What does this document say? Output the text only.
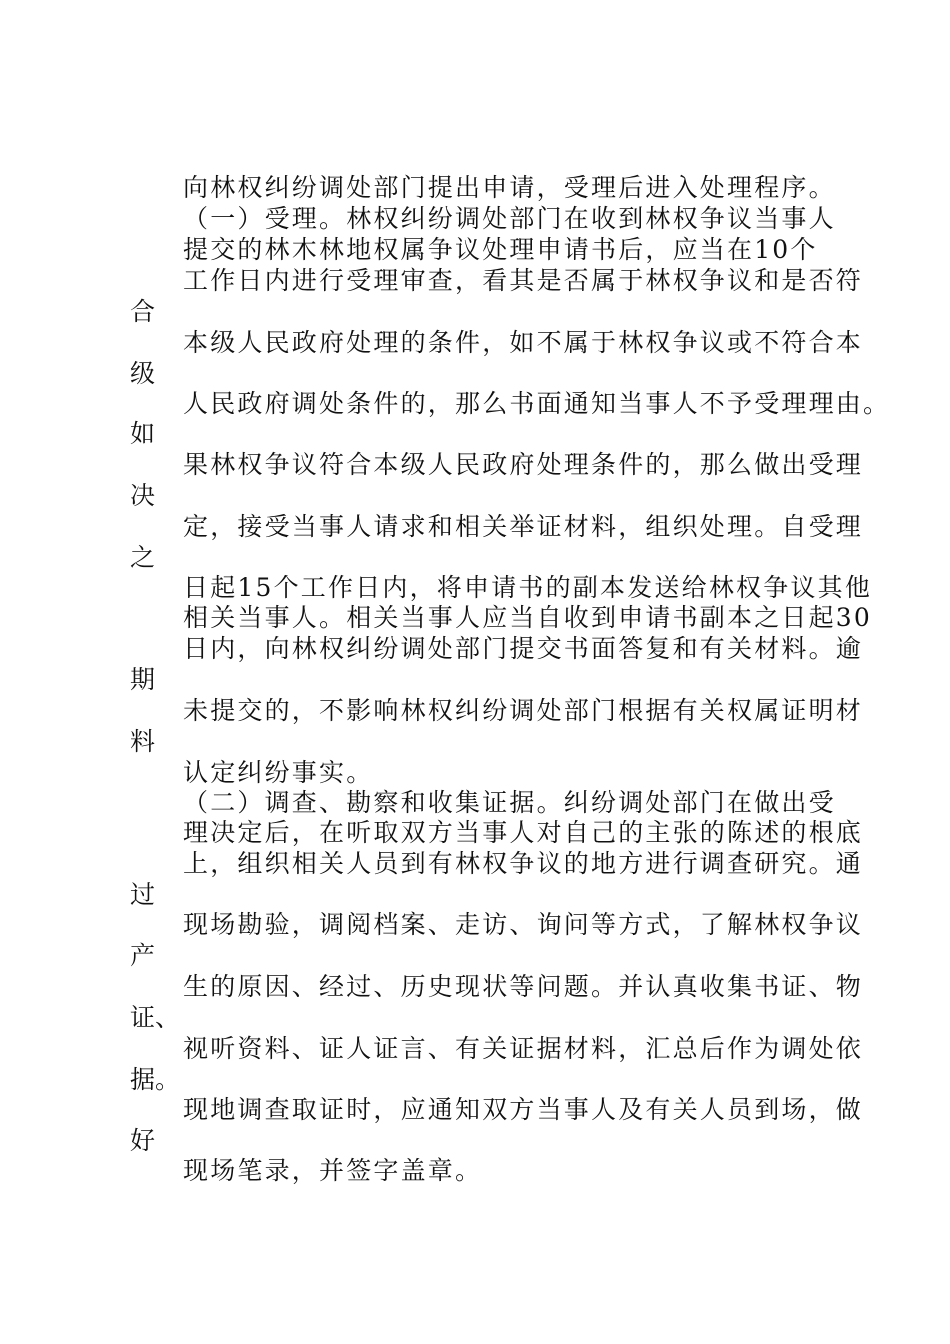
向林权纠纷调处部门提出申请，受理后进入处理程序。
（一）受理。林权纠纷调处部门在收到林权争议当事人
提交的林木林地权属争议处理申请书后，应当在10个
工作日内进行受理审查，看其是否属于林权争议和是否符
合
本级人民政府处理的条件，如不属于林权争议或不符合本
级
人民政府调处条件的，那么书面通知当事人不予受理理由。
如
果林权争议符合本级人民政府处理条件的，那么做出受理
决
定，接受当事人请求和相关举证材料，组织处理。自受理
之
日起15个工作日内，将申请书的副本发送给林权争议其他
相关当事人。相关当事人应当自收到申请书副本之日起30
日内，向林权纠纷调处部门提交书面答复和有关材料。逾
期
未提交的，不影响林权纠纷调处部门根据有关权属证明材
料
认定纠纷事实。
（二）调查、勘察和收集证据。纠纷调处部门在做出受
理决定后，在听取双方当事人对自己的主张的陈述的根底
上，组织相关人员到有林权争议的地方进行调查研究。通
过
现场勘验，调阅档案、走访、询问等方式，了解林权争议
产
生的原因、经过、历史现状等问题。并认真收集书证、物
证、
视听资料、证人证言、有关证据材料，汇总后作为调处依
据。
现地调查取证时，应通知双方当事人及有关人员到场，做
好
现场笔录，并签字盖章。
